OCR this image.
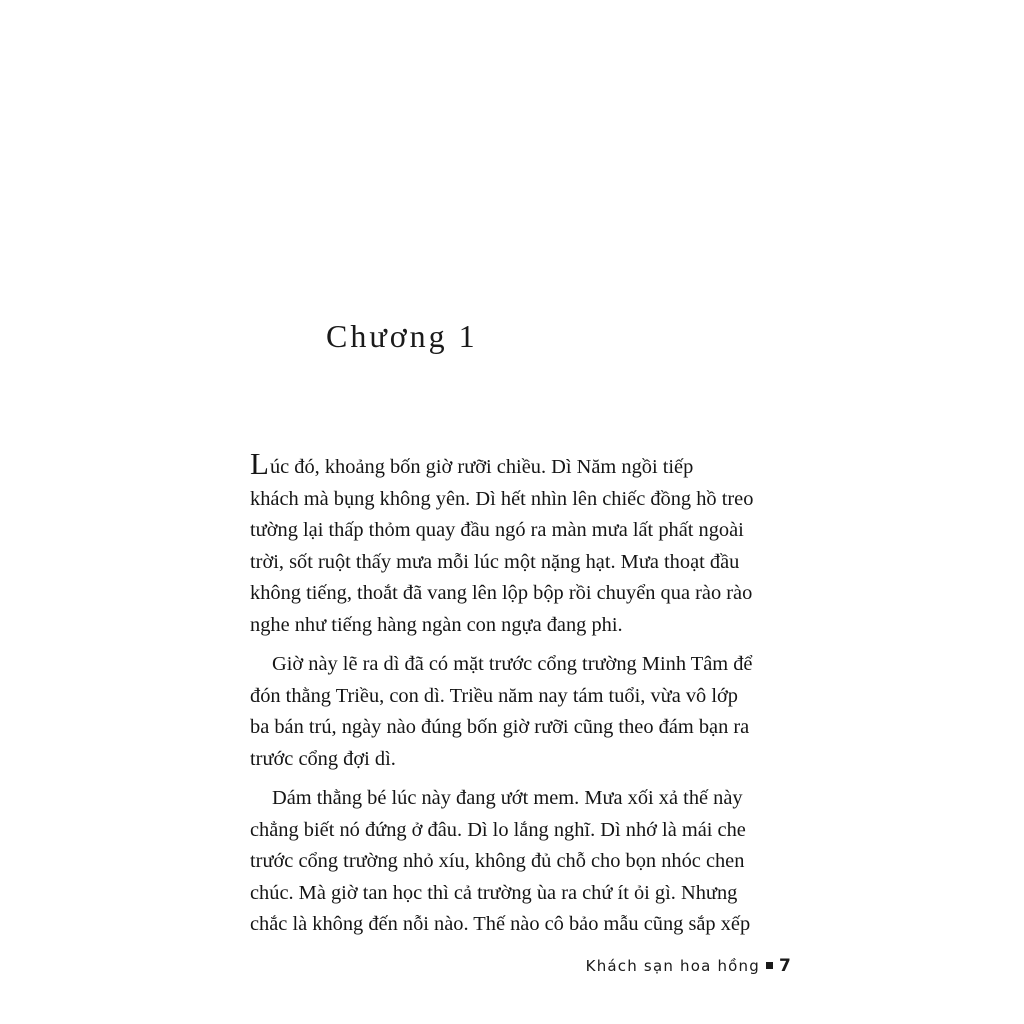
Chương 1
Lúc đó, khoảng bốn giờ rưỡi chiều. Dì Năm ngồi tiếp
khách mà bụng không yên. Dì hết nhìn lên chiếc đồng hồ treo
tường lại thấp thỏm quay đầu ngó ra màn mưa lất phất ngoài
trời, sốt ruột thấy mưa mỗi lúc một nặng hạt. Mưa thoạt đầu
không tiếng, thoắt đã vang lên lộp bộp rồi chuyển qua rào rào
nghe như tiếng hàng ngàn con ngựa đang phi.
Giờ này lẽ ra dì đã có mặt trước cổng trường Minh Tâm để
đón thằng Triều, con dì. Triều năm nay tám tuổi, vừa vô lớp
ba bán trú, ngày nào đúng bốn giờ rưỡi cũng theo đám bạn ra
trước cổng đợi dì.
Dám thằng bé lúc này đang ướt mem. Mưa xối xả thế này
chẳng biết nó đứng ở đâu. Dì lo lắng nghĩ. Dì nhớ là mái che
trước cổng trường nhỏ xíu, không đủ chỗ cho bọn nhóc chen
chúc. Mà giờ tan học thì cả trường ùa ra chứ ít ỏi gì. Nhưng
chắc là không đến nỗi nào. Thế nào cô bảo mẫu cũng sắp xếp
Khách sạn hoa hồng 7
